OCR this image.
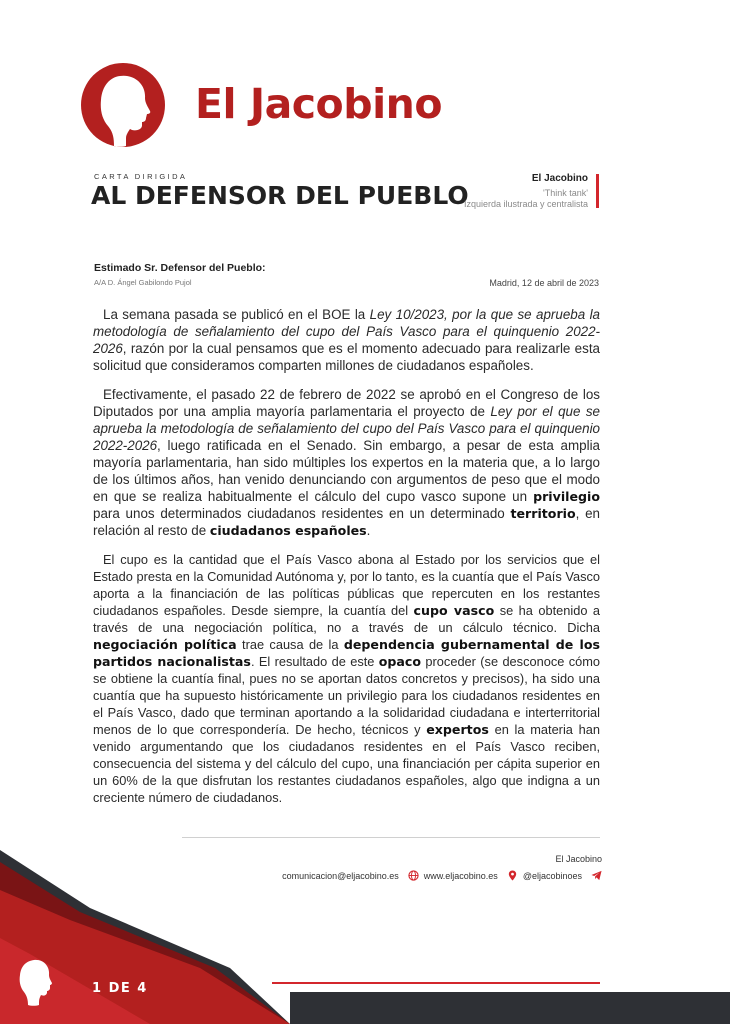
El Jacobino
CARTA DIRIGIDA
AL DEFENSOR DEL PUEBLO
El Jacobino
'Think tank'
Izquierda ilustrada y centralista
Estimado Sr. Defensor del Pueblo:
A/A D. Ángel Gabilondo Pujol	Madrid, 12 de abril de 2023

La semana pasada se publicó en el BOE la Ley 10/2023, por la que se aprueba la metodología de señalamiento del cupo del País Vasco para el quinquenio 2022-2026, razón por la cual pensamos que es el momento adecuado para realizarle esta solicitud que consideramos comparten millones de ciudadanos españoles.

Efectivamente, el pasado 22 de febrero de 2022 se aprobó en el Congreso de los Diputados por una amplia mayoría parlamentaria el proyecto de Ley por el que se aprueba la metodología de señalamiento del cupo del País Vasco para el quinquenio 2022-2026, luego ratificada en el Senado. Sin embargo, a pesar de esta amplia mayoría parlamentaria, han sido múltiples los expertos en la materia que, a lo largo de los últimos años, han venido denunciando con argumentos de peso que el modo en que se realiza habitualmente el cálculo del cupo vasco supone un privilegio para unos determinados ciudadanos residentes en un determinado territorio, en relación al resto de ciudadanos españoles.

El cupo es la cantidad que el País Vasco abona al Estado por los servicios que el Estado presta en la Comunidad Autónoma y, por lo tanto, es la cuantía que el País Vasco aporta a la financiación de las políticas públicas que repercuten en los restantes ciudadanos españoles. Desde siempre, la cuantía del cupo vasco se ha obtenido a través de una negociación política, no a través de un cálculo técnico. Dicha negociación política trae causa de la dependencia gubernamental de los partidos nacionalistas. El resultado de este opaco proceder (se desconoce cómo se obtiene la cuantía final, pues no se aportan datos concretos y precisos), ha sido una cuantía que ha supuesto históricamente un privilegio para los ciudadanos residentes en el País Vasco, dado que terminan aportando a la solidaridad ciudadana e interterritorial menos de lo que correspondería. De hecho, técnicos y expertos en la materia han venido argumentando que los ciudadanos residentes en el País Vasco reciben, consecuencia del sistema y del cálculo del cupo, una financiación per cápita superior en un 60% de la que disfrutan los restantes ciudadanos españoles, algo que indigna a un creciente número de ciudadanos.

El Jacobino
comunicacion@eljacobino.es	www.eljacobino.es	@eljacobinoes
1 DE 4
